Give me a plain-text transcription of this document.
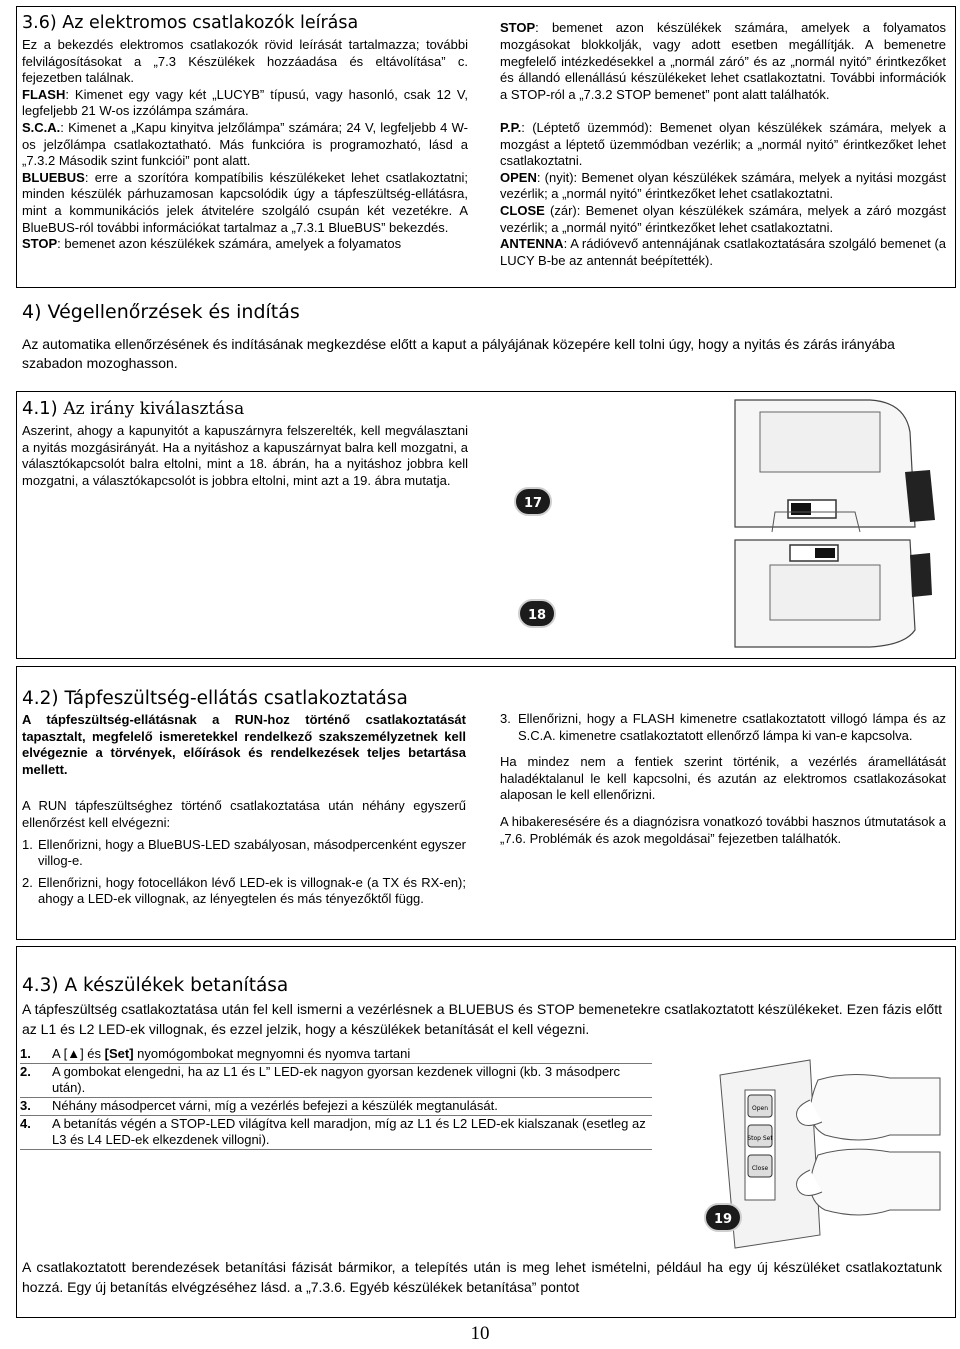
3.6) Az elektromos csatlakozók leírása

Ez a bekezdés elektromos csatlakozók rövid leírását tartalmazza; további felvilágosításokat a „7.3 Készülékek hozzáadása és eltávolítása” c. fejezetben találnak.

FLASH: Kimenet egy vagy két „LUCYB” típusú, vagy hasonló, csak 12 V, legfeljebb 21 W-os izzólámpa számára.

S.C.A.: Kimenet a „Kapu kinyitva jelzőlámpa” számára; 24 V, legfeljebb 4 W-os jelzőlámpa csatlakoztatható. Más funkcióra is programozható, lásd a „7.3.2 Második szint funkciói” pont alatt.

BLUEBUS: erre a szorítóra kompatíbilis készülékeket lehet csatlakoztatni; minden készülék párhuzamosan kapcsolódik úgy a tápfeszültség-ellátásra, mint a kommunikációs jelek átvitelére szolgáló csupán két vezetékre. A BlueBUS-ról további információkat tartalmaz a „7.3.1 BlueBUS” bekezdés.

STOP: bemenet azon készülékek számára, amelyek a folyamatos

STOP: bemenet azon készülékek számára, amelyek a folyamatos mozgásokat blokkolják, vagy adott esetben megállítják. A bemenetre megfelelő intézkedésekkel a „normál záró” és az „normál nyitó” érintkezőket és állandó ellenállású készülékeket lehet csatlakoztatni. További információk a STOP-ról a „7.3.2 STOP bemenet” pont alatt találhatók.

P.P.: (Léptető üzemmód): Bemenet olyan készülékek számára, melyek a mozgást a léptető üzemmódban vezérlik; a „normál nyitó” érintkezőket lehet csatlakoztatni.

OPEN: (nyit): Bemenet olyan készülékek számára, melyek a nyitási mozgást vezérlik; a „normál nyitó” érintkezőket lehet csatlakoztatni.

CLOSE (zár): Bemenet olyan készülékek számára, melyek a záró mozgást vezérlik; a „normál nyitó” érintkezőket lehet csatlakoztatni.

ANTENNA: A rádióvevő antennájának csatlakoztatására szolgáló bemenet (a LUCY B-be az antennát beépítették).

4) Végellenőrzések és indítás

Az automatika ellenőrzésének és indításának megkezdése előtt a kaput a pályájának közepére kell tolni úgy, hogy a nyitás és zárás irányába szabadon mozoghasson.

4.1) Az irány kiválasztása

Aszerint, ahogy a kapunyitót a kapuszárnyra felszerelték, kell megválasztani a nyitás mozgásirányát. Ha a nyitáshoz a kapuszárnyat balra kell mozgatni, a választókapcsolót balra eltolni, mint a 18. ábrán, ha a nyitáshoz jobbra kell mozgatni, a választókapcsolót is jobbra eltolni, mint azt a 19. ábra mutatja.

17
18
4.2) Tápfeszültség-ellátás csatlakoztatása

A tápfeszültség-ellátásnak a RUN-hoz történő csatlakoztatását tapasztalt, megfelelő ismeretekkel rendelkező szakszemélyzetnek kell elvégeznie a törvények, előírások és rendelkezések teljes betartása mellett.

A RUN tápfeszültséghez történő csatlakoztatása után néhány egyszerű ellenőrzést kell elvégezni:

1. Ellenőrizni, hogy a BlueBUS-LED szabályosan, másodpercenként egyszer villog-e.
2. Ellenőrizni, hogy fotocellákon lévő LED-ek is villognak-e (a TX és RX-en); ahogy a LED-ek villognak, az lényegtelen és más tényezőktől függ.
3. Ellenőrizni, hogy a FLASH kimenetre csatlakoztatott villogó lámpa és az S.C.A. kimenetre csatlakoztatott ellenőrző lámpa ki van-e kapcsolva.

Ha mindez nem a fentiek szerint történik, a vezérlés áramellátását haladéktalanul le kell kapcsolni, és azután az elektromos csatlakozásokat alaposan le kell ellenőrizni.

A hibakeresésére és a diagnózisra vonatkozó további hasznos útmutatások a „7.6. Problémák és azok megoldásai” fejezetben találhatók.

4.3) A készülékek betanítása

A tápfeszültség csatlakoztatása után fel kell ismerni a vezérlésnek a BLUEBUS és STOP bemenetekre csatlakoztatott készülékeket. Ezen fázis előtt az L1 és L2 LED-ek villognak, és ezzel jelzik, hogy a készülékek betanítását el kell végezni.

1.	A [▲] és [Set] nyomógombokat megnyomni és nyomva tartani
2.	A gombokat elengedni, ha az L1 és L” LED-ek nagyon gyorsan kezdenek villogni (kb. 3 másodperc után).
3.	Néhány másodpercet várni, míg a vezérlés befejezi a készülék megtanulását.
4.	A betanítás végén a STOP-LED világítva kell maradjon, míg az L1 és L2 LED-ek kialszanak (esetleg az L3 és L4 LED-ek elkezdenek villogni).
Open
Stop Set
Close
19

A csatlakoztatott berendezések betanítási fázisát bármikor, a telepítés után is meg lehet ismételni, például ha egy új készüléket csatlakoztatunk hozzá. Egy új betanítás elvégzéséhez lásd. a „7.3.6. Egyéb készülékek betanítása” pontot

10
